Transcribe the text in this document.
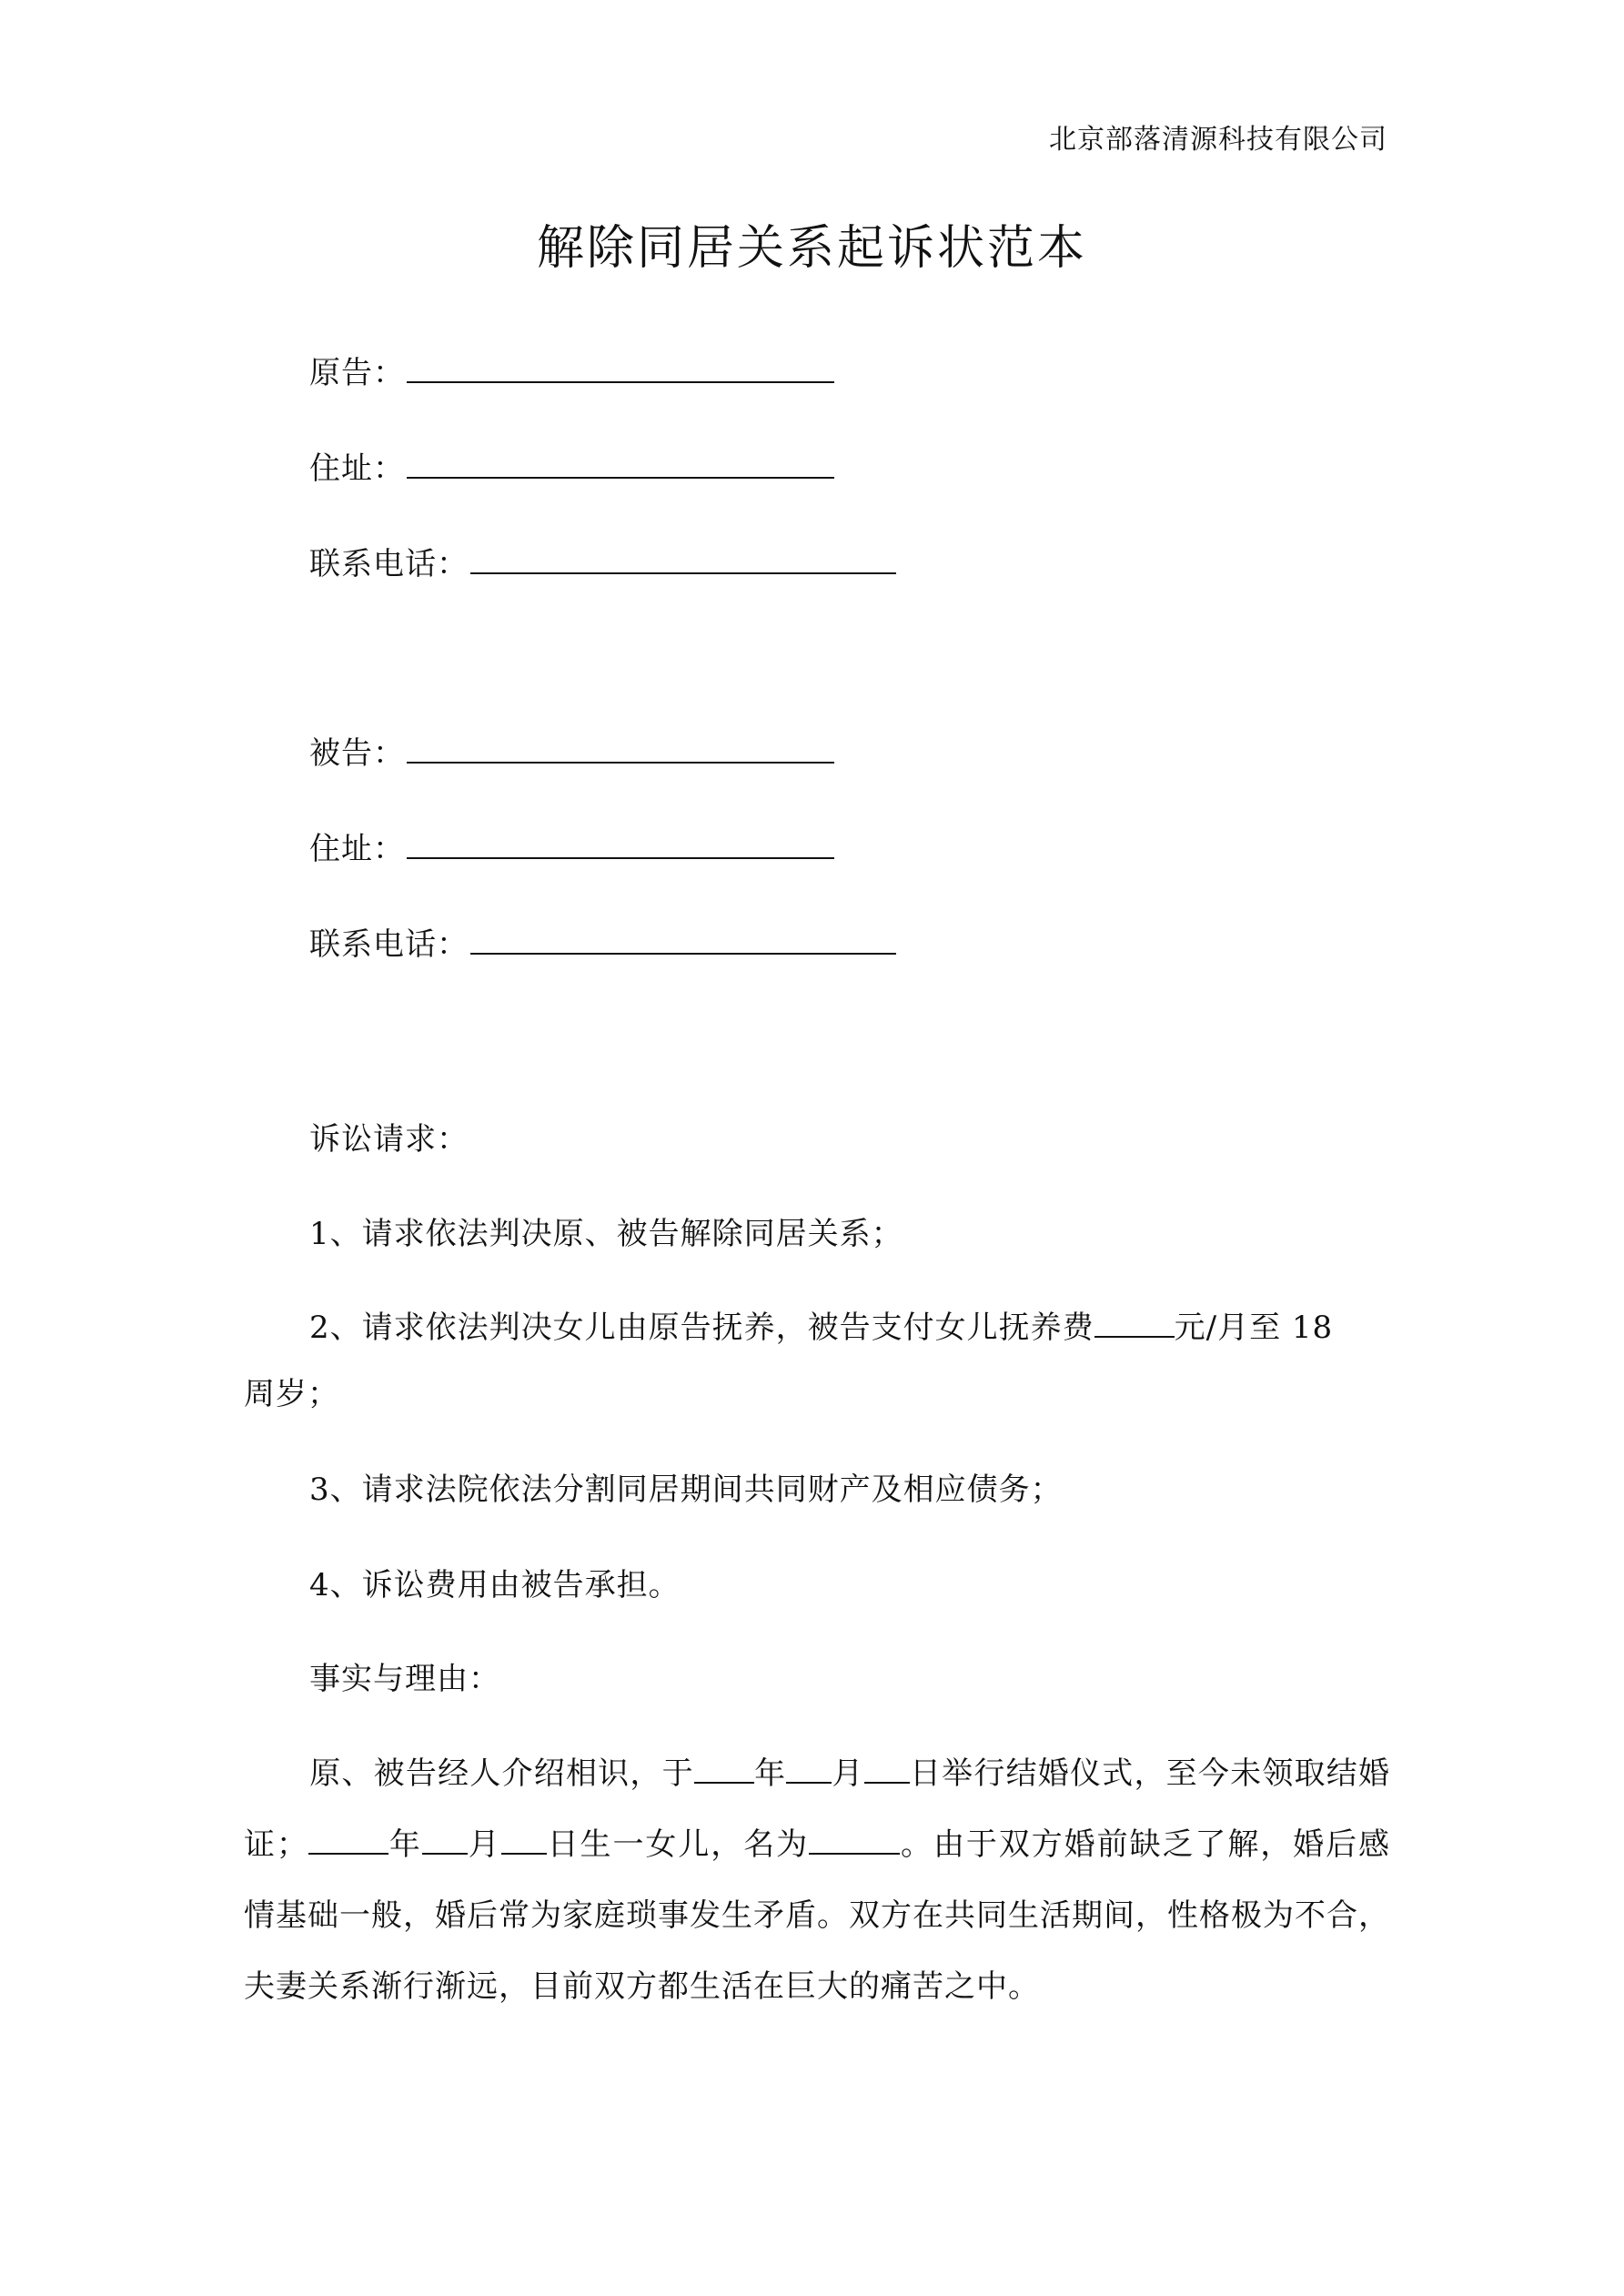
北京部落清源科技有限公司
解除同居关系起诉状范本
原告：
住址：
联系电话：
被告：
住址：
联系电话：
诉讼请求：
1、请求依法判决原、被告解除同居关系；
2、请求依法判决女儿由原告抚养，被告支付女儿抚养费	元/月至 18
周岁；
3、请求法院依法分割同居期间共同财产及相应债务；
4、诉讼费用由被告承担。
事实与理由：
原、被告经人介绍相识，于 年 月 日举行结婚仪式，至今未领取结婚证；	年 月 日生一女儿，名为	。由于双方婚前缺乏了解，婚后感情基础一般，婚后常为家庭琐事发生矛盾。双方在共同生活期间，性格极为不合，夫妻关系渐行渐远，目前双方都生活在巨大的痛苦之中。
